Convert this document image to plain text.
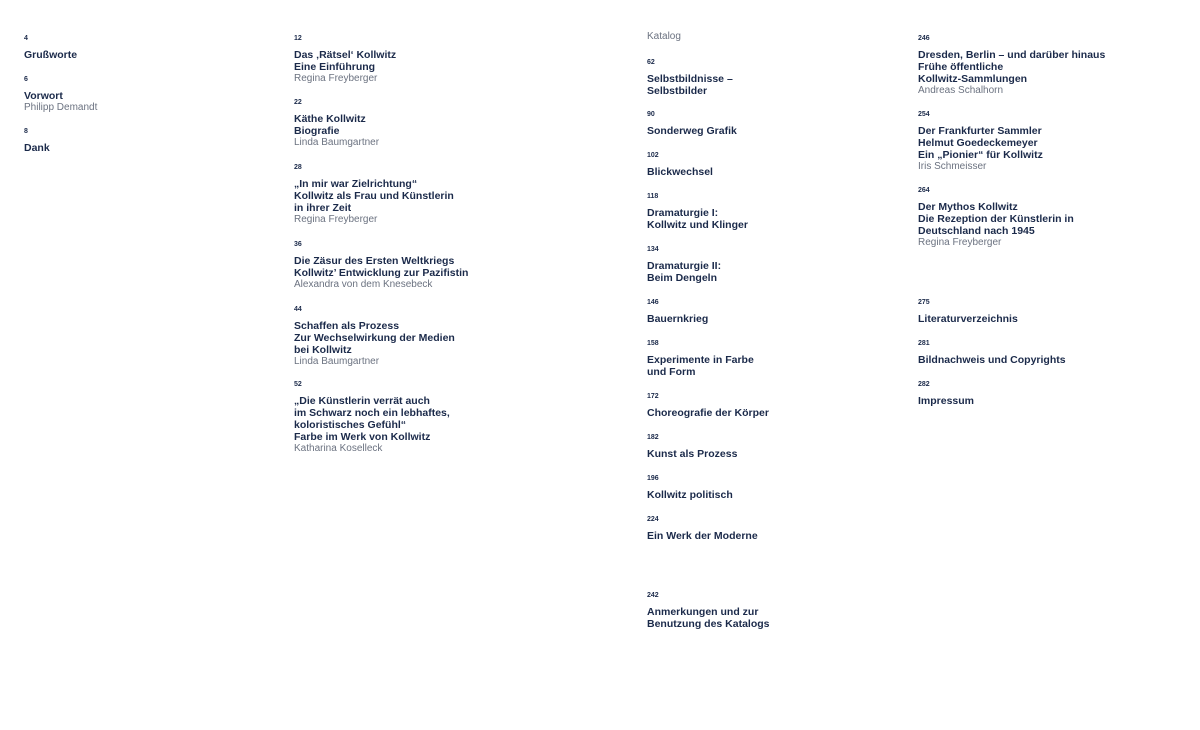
4
Grußworte
6
Vorwort
Philipp Demandt
8
Dank
12
Das ‚Rätsel‘ Kollwitz
Eine Einführung
Regina Freyberger
22
Käthe Kollwitz
Biografie
Linda Baumgartner
28
„In mir war Zielrichtung“
Kollwitz als Frau und Künstlerin
in ihrer Zeit
Regina Freyberger
36
Die Zäsur des Ersten Weltkriegs
Kollwitz’ Entwicklung zur Pazifistin
Alexandra von dem Knesebeck
44
Schaffen als Prozess
Zur Wechselwirkung der Medien
bei Kollwitz
Linda Baumgartner
52
„Die Künstlerin verrät auch
im Schwarz noch ein lebhaftes,
koloristisches Gefühl“
Farbe im Werk von Kollwitz
Katharina Koselleck
Katalog
62
Selbstbildnisse –
Selbstbilder
90
Sonderweg Grafik
102
Blickwechsel
118
Dramaturgie I:
Kollwitz und Klinger
134
Dramaturgie II:
Beim Dengeln
146
Bauernkrieg
158
Experimente in Farbe
und Form
172
Choreografie der Körper
182
Kunst als Prozess
196
Kollwitz politisch
224
Ein Werk der Moderne
242
Anmerkungen und zur
Benutzung des Katalogs
246
Dresden, Berlin – und darüber hinaus
Frühe öffentliche
Kollwitz-Sammlungen
Andreas Schalhorn
254
Der Frankfurter Sammler
Helmut Goedeckemeyer
Ein „Pionier“ für Kollwitz
Iris Schmeisser
264
Der Mythos Kollwitz
Die Rezeption der Künstlerin in
Deutschland nach 1945
Regina Freyberger
275
Literaturverzeichnis
281
Bildnachweis und Copyrights
282
Impressum
